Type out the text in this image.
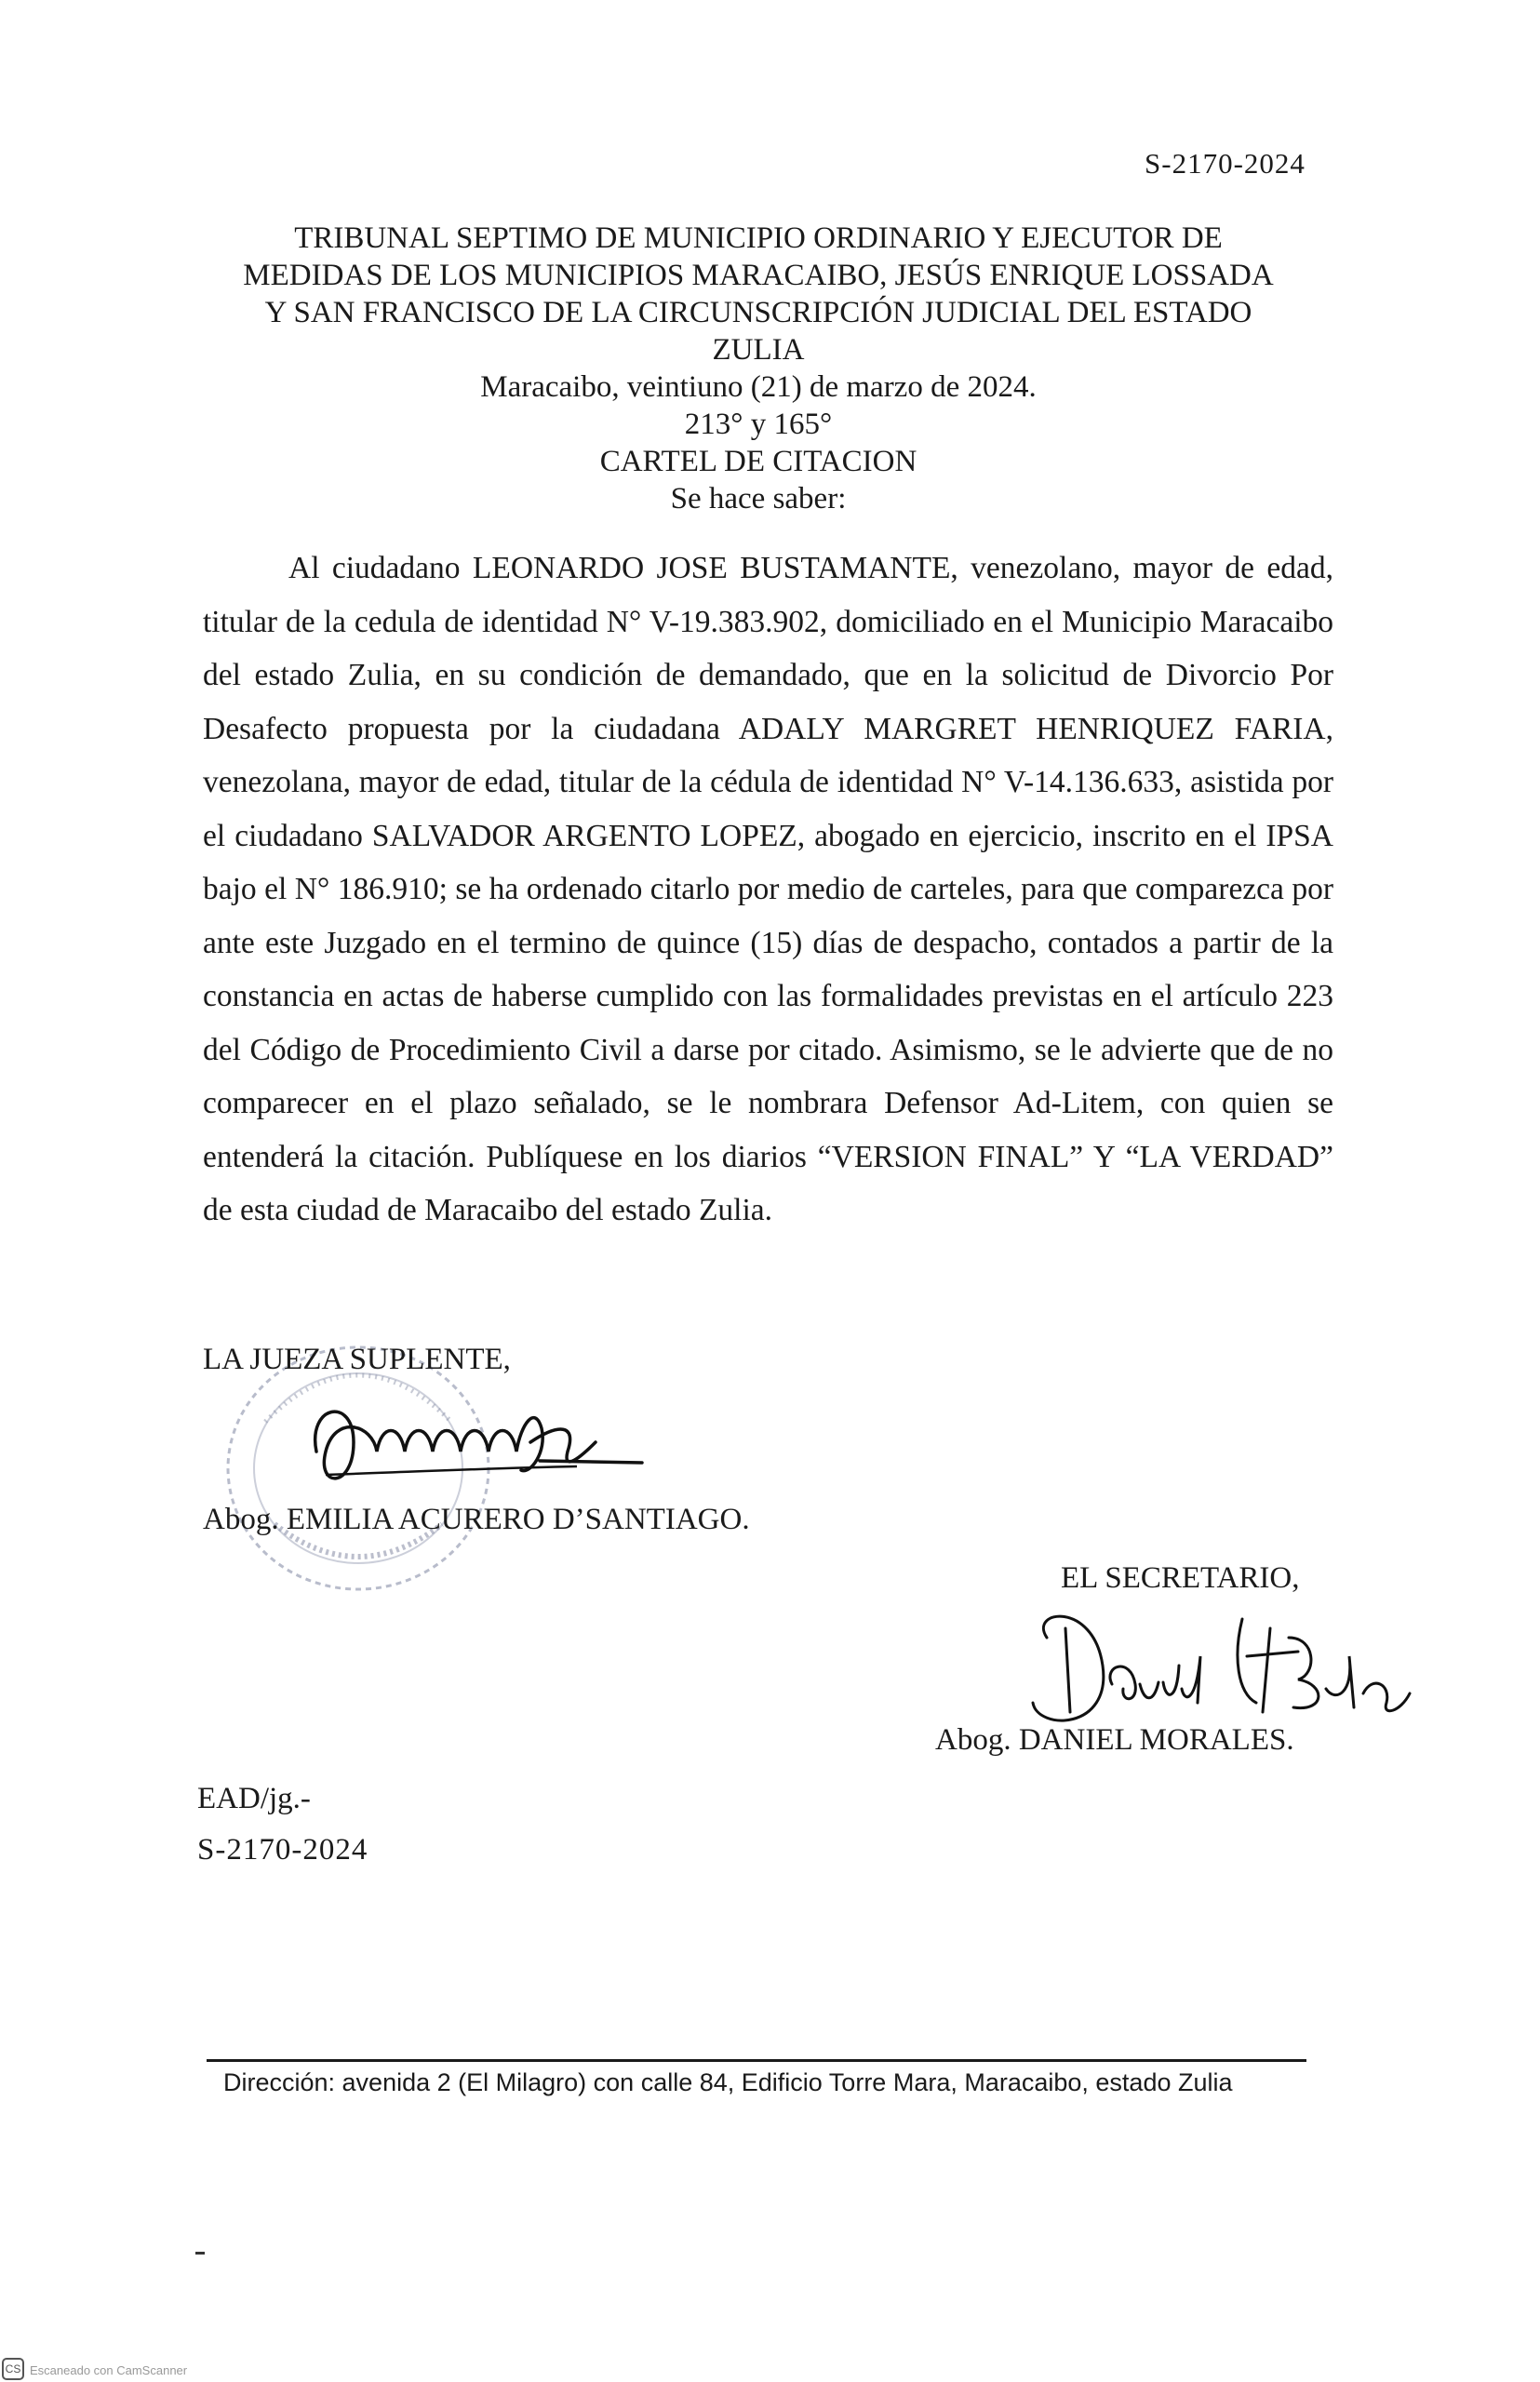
S-2170-2024
TRIBUNAL SEPTIMO DE MUNICIPIO ORDINARIO Y EJECUTOR DE
MEDIDAS DE LOS MUNICIPIOS MARACAIBO, JESÚS ENRIQUE LOSSADA
Y SAN FRANCISCO DE LA CIRCUNSCRIPCIÓN JUDICIAL DEL ESTADO
ZULIA
Maracaibo, veintiuno (21) de marzo de 2024.
213° y 165°
CARTEL DE CITACION
Se hace saber:
Al ciudadano LEONARDO JOSE BUSTAMANTE, venezolano, mayor de edad, titular de la cedula de identidad N° V-19.383.902, domiciliado en el Municipio Maracaibo del estado Zulia, en su condición de demandado, que en la solicitud de Divorcio Por Desafecto propuesta por la ciudadana ADALY MARGRET HENRIQUEZ FARIA, venezolana, mayor de edad, titular de la cédula de identidad N° V-14.136.633, asistida por el ciudadano SALVADOR ARGENTO LOPEZ, abogado en ejercicio, inscrito en el IPSA bajo el N° 186.910; se ha ordenado citarlo por medio de carteles, para que comparezca por ante este Juzgado en el termino de quince (15) días de despacho, contados a partir de la constancia en actas de haberse cumplido con las formalidades previstas en el artículo 223 del Código de Procedimiento Civil a darse por citado. Asimismo, se le advierte que de no comparecer en el plazo señalado, se le nombrara Defensor Ad-Litem, con quien se entenderá la citación. Publíquese en los diarios “VERSION FINAL” Y “LA VERDAD” de esta ciudad de Maracaibo del estado Zulia.
LA JUEZA SUPLENTE,
Abog. EMILIA ACURERO D’SANTIAGO.
EL SECRETARIO,
Abog. DANIEL MORALES.
EAD/jg.-
S-2170-2024
Dirección: avenida 2 (El Milagro) con calle 84, Edificio Torre Mara, Maracaibo, estado Zulia
CS Escaneado con CamScanner
